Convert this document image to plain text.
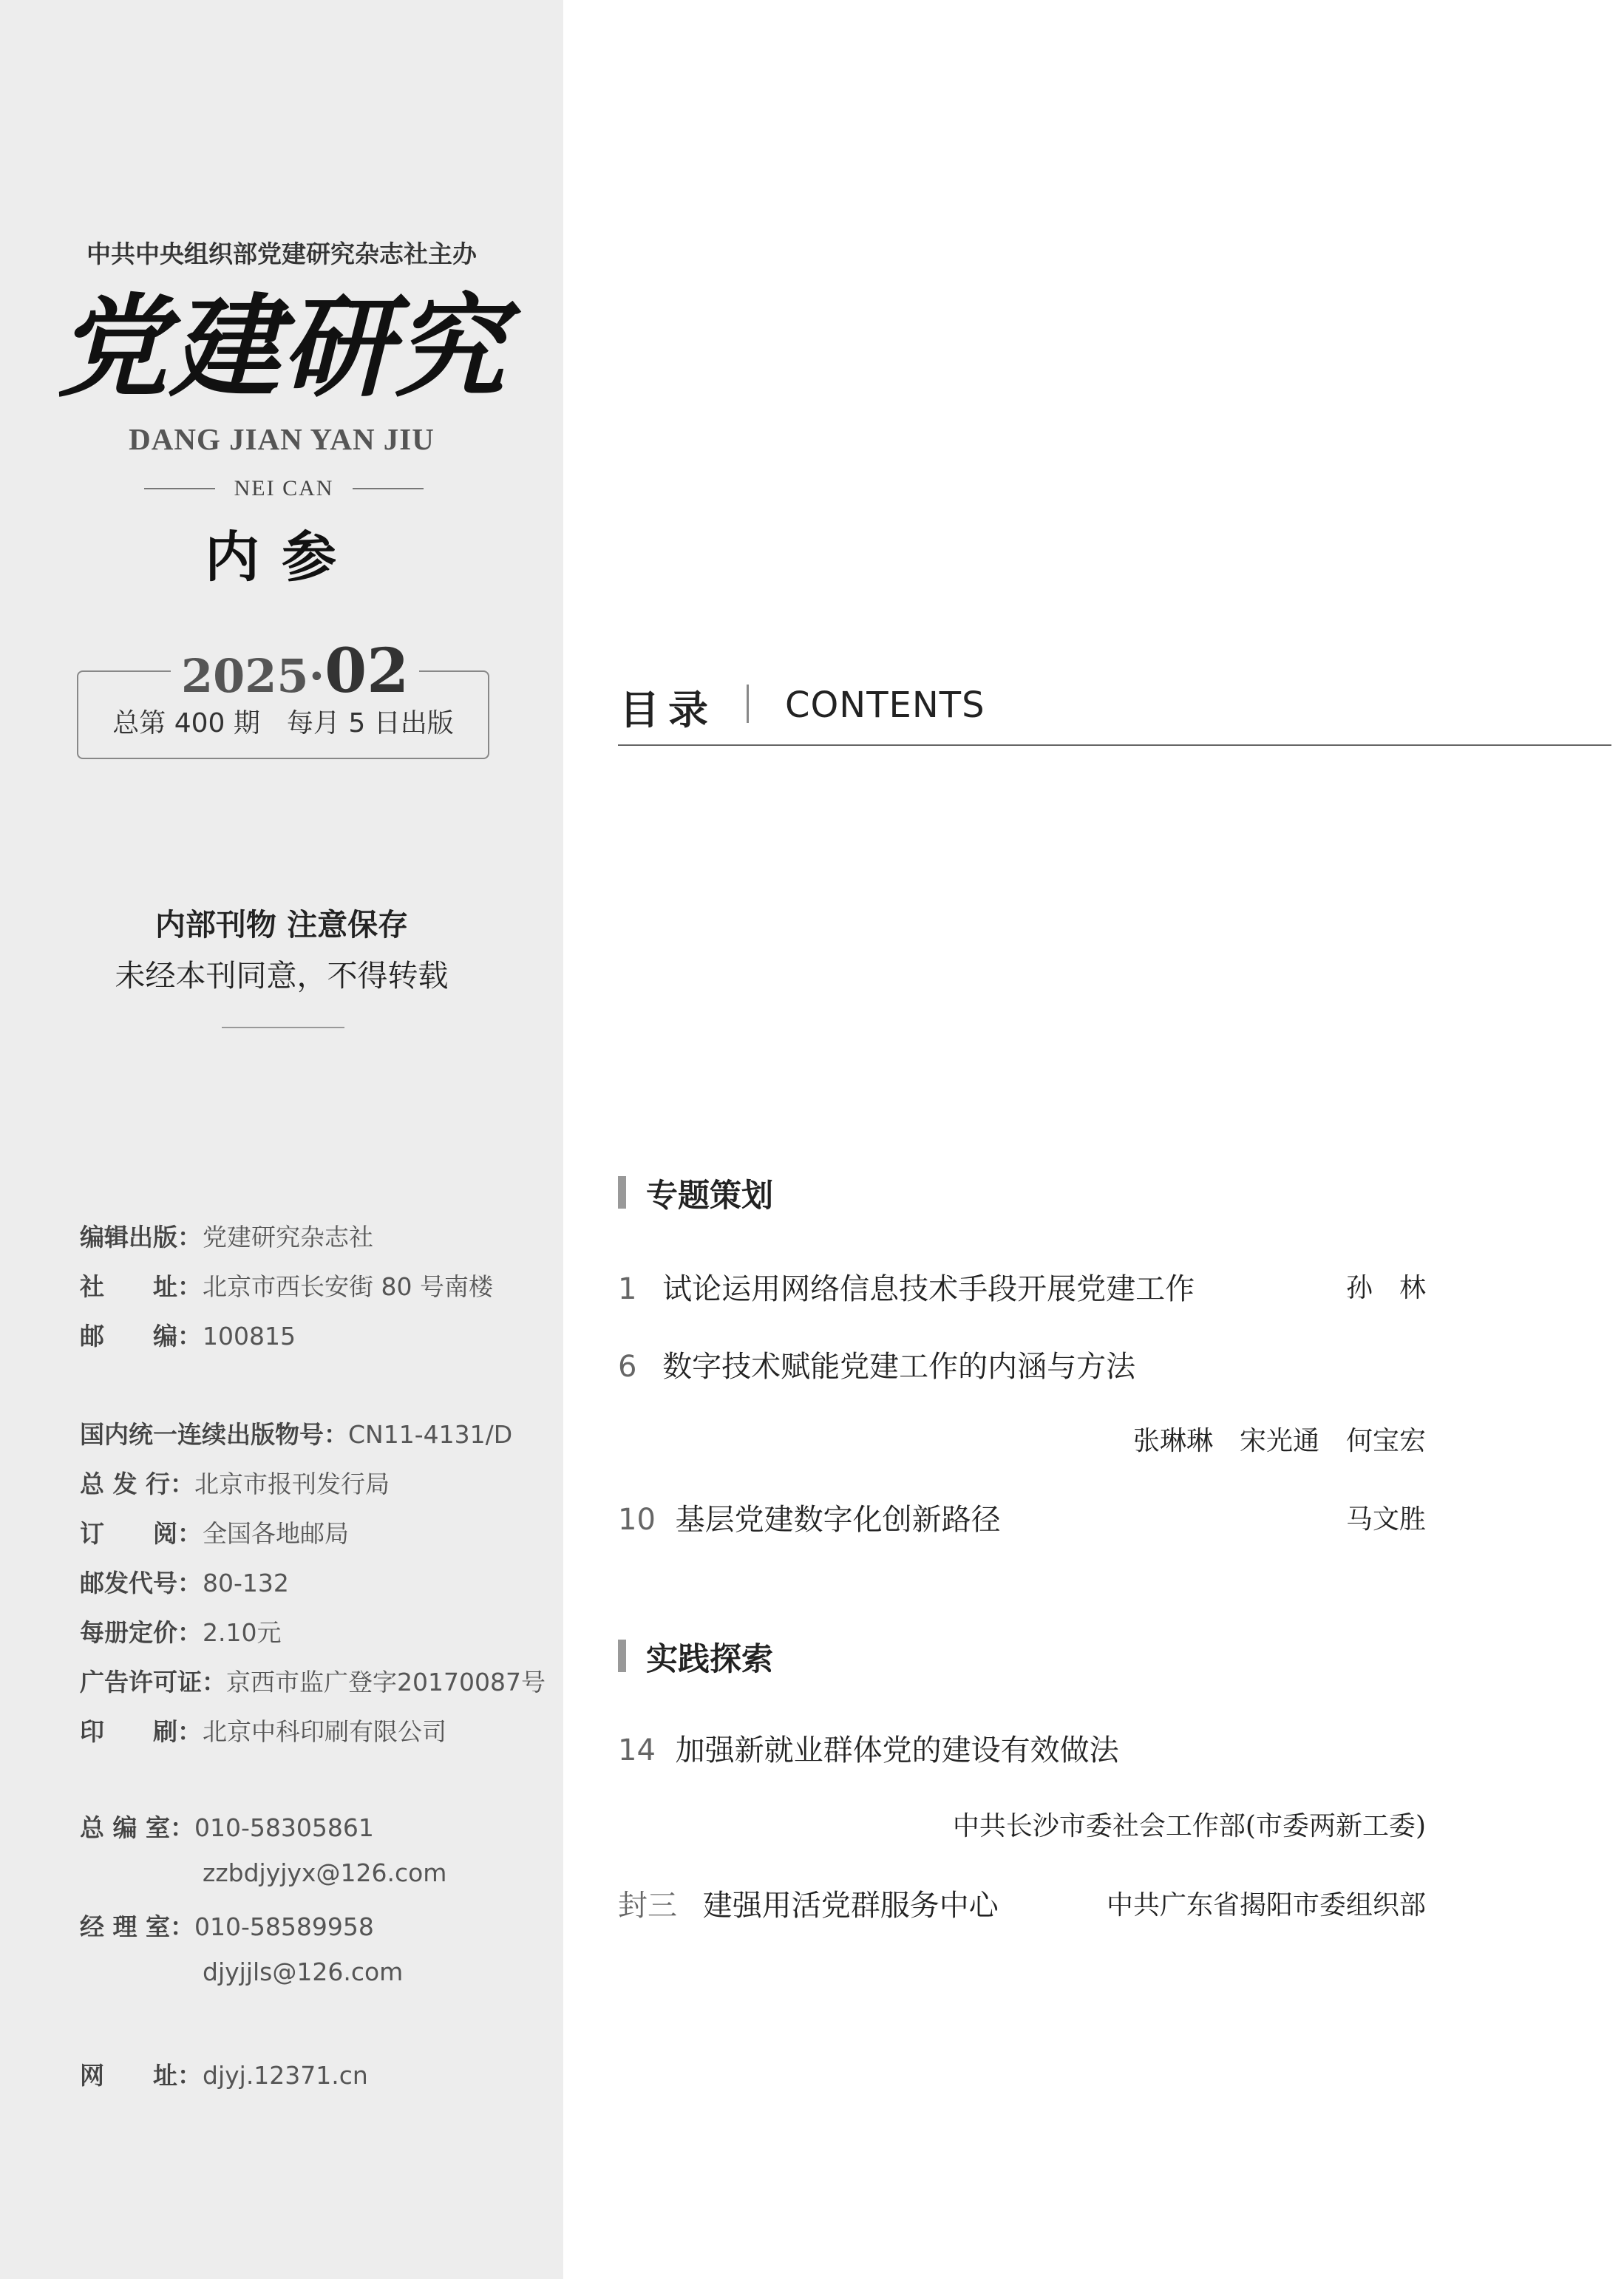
中共中央组织部党建研究杂志社主办
党建研究
DANG JIAN YAN JIU
NEI CAN
内参
2025·02
总第 400 期　每月 5 日出版
内部刊物 注意保存
未经本刊同意，不得转载
编辑出版：党建研究杂志社
社　　址：北京市西长安街 80 号南楼
邮　　编：100815
国内统一连续出版物号：CN11-4131/D
总 发 行：北京市报刊发行局
订　　阅：全国各地邮局
邮发代号：80-132
每册定价：2.10元
广告许可证：京西市监广登字20170087号
印　　刷：北京中科印刷有限公司
总 编 室：010-58305861
zzbdjyjyx@126.com
经 理 室：010-58589958
djyjjls@126.com
网　　址：djyj.12371.cn
目录 CONTENTS
专题策划
1 试论运用网络信息技术手段开展党建工作	孙　林
6 数字技术赋能党建工作的内涵与方法
张琳琳　宋光通　何宝宏
10 基层党建数字化创新路径	马文胜
实践探索
14 加强新就业群体党的建设有效做法
中共长沙市委社会工作部(市委两新工委)
封三 建强用活党群服务中心	中共广东省揭阳市委组织部
